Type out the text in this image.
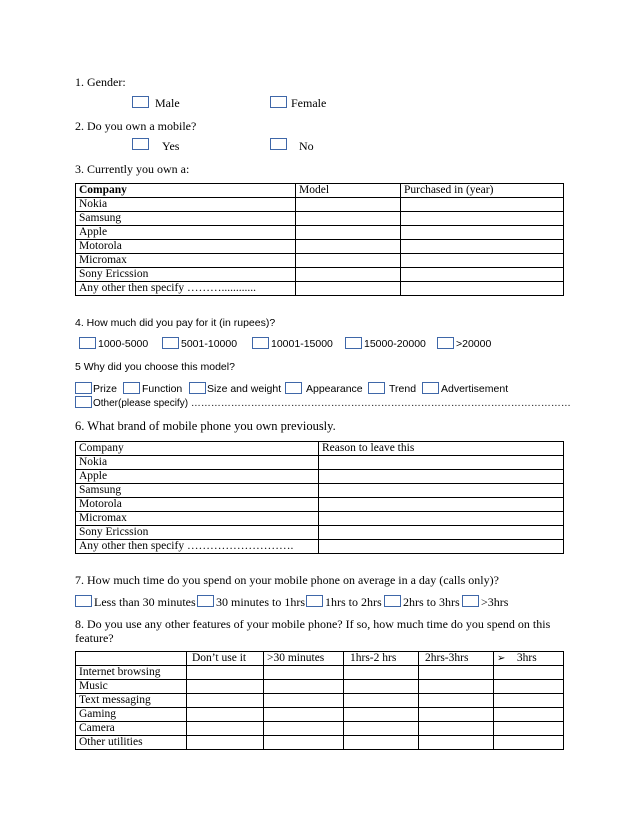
1. Gender:
Male	Female
2. Do you own a mobile?
Yes	No
3. Currently you own a:
Company	Model	Purchased in (year)
Nokia		
Samsung		
Apple		
Motorola		
Micromax		
Sony Ericssion		
Any other then specify ………............		
4. How much did you pay for it (in rupees)?
1000-5000	5001-10000	10001-15000	15000-20000	>20000
5 Why did you choose this model?
Prize Function Size and weight Appearance	Trend Advertisement
Other(please specify) ……………………………………………………………………………………………………
6. What brand of mobile phone you own previously.
Company	Reason to leave this
Nokia	
Apple	
Samsung	
Motorola	
Micromax	
Sony Ericssion	
Any other then specify ……………………….	
7. How much time do you spend on your mobile phone on average in a day (calls only)?
Less than 30 minutes 30 minutes to 1hrs 1hrs to 2hrs 2hrs to 3hrs >3hrs
8. Do you use any other features of your mobile phone? If so, how much time do you spend on this
feature?
	Don’t use it	>30 minutes	1hrs-2 hrs	2hrs-3hrs	➢ 3hrs
Internet browsing					
Music					
Text messaging					
Gaming					
Camera					
Other utilities					
